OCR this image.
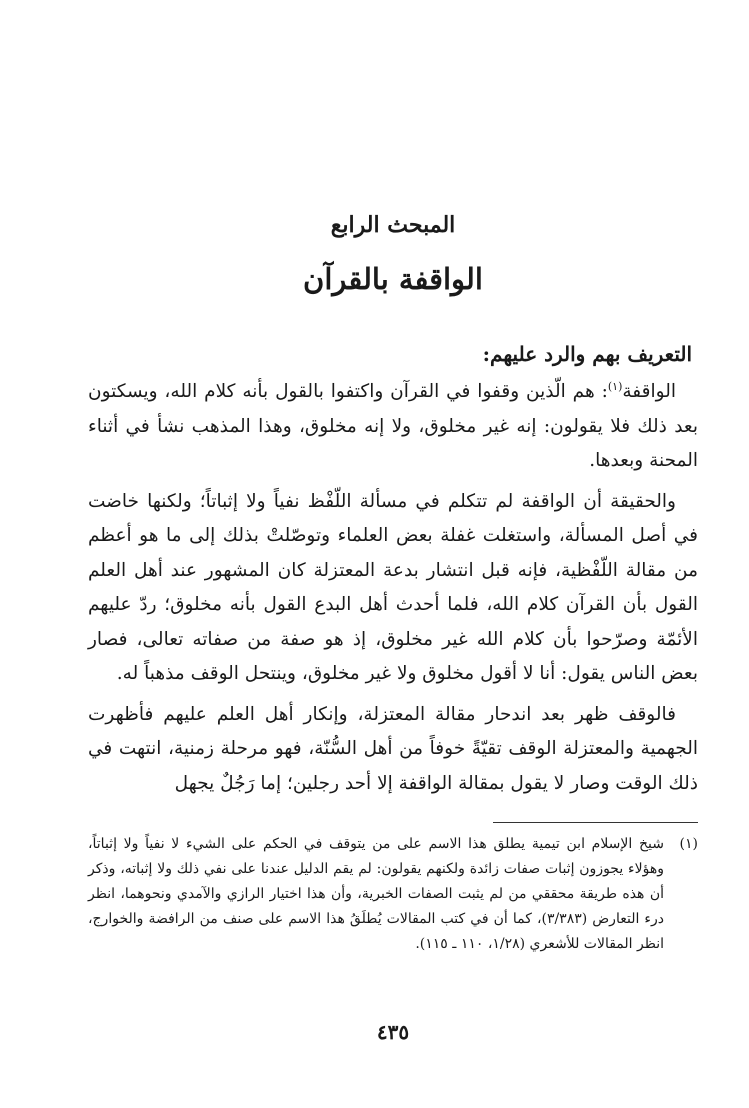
المبحث الرابع
الواقفة بالقرآن
التعريف بهم والرد عليهم:

الواقفة$^{(١)}$: هم الّذين وقفوا في القرآن واكتفوا بالقول بأنه كلام الله، ويسكتون بعد ذلك فلا يقولون: إنه غير مخلوق، ولا إنه مخلوق، وهذا المذهب نشأ في أثناء المحنة وبعدها.

والحقيقة أن الواقفة لم تتكلم في مسألة اللّفْظ نفياً ولا إثباتاً؛ ولكنها خاضت في أصل المسألة، واستغلت غفلة بعض العلماء وتوصّلتْ بذلك إلى ما هو أعظم من مقالة اللّفْظية، فإنه قبل انتشار بدعة المعتزلة كان المشهور عند أهل العلم القول بأن القرآن كلام الله، فلما أحدث أهل البدع القول بأنه مخلوق؛ ردّ عليهم الأئمّة وصرّحوا بأن كلام الله غير مخلوق، إذ هو صفة من صفاته تعالى، فصار بعض الناس يقول: أنا لا أقول مخلوق ولا غير مخلوق، وينتحل الوقف مذهباً له.

فالوقف ظهر بعد اندحار مقالة المعتزلة، وإنكار أهل العلم عليهم فأظهرت الجهمية والمعتزلة الوقف تقيّةً خوفاً من أهل السُّنّة، فهو مرحلة زمنية، انتهت في ذلك الوقت وصار لا يقول بمقالة الواقفة إلا أحد رجلين؛ إما رَجُلٌ يجهل

(١)
شيخ الإسلام ابن تيمية يطلق هذا الاسم على من يتوقف في الحكم على الشيء لا نفياً ولا إثباتاً، وهؤلاء يجوزون إثبات صفات زائدة ولكنهم يقولون: لم يقم الدليل عندنا على نفي ذلك ولا إثباته، وذكر أن هذه طريقة محققي من لم يثبت الصفات الخبرية، وأن هذا اختيار الرازي والآمدي ونحوهما، انظر درء التعارض (٣/٣٨٣)، كما أن في كتب المقالات يُطلَقُ هذا الاسم على صنف من الرافضة والخوارج، انظر المقالات للأشعري (١/٢٨، ١١٠ ـ ١١٥).
٤٣٥
